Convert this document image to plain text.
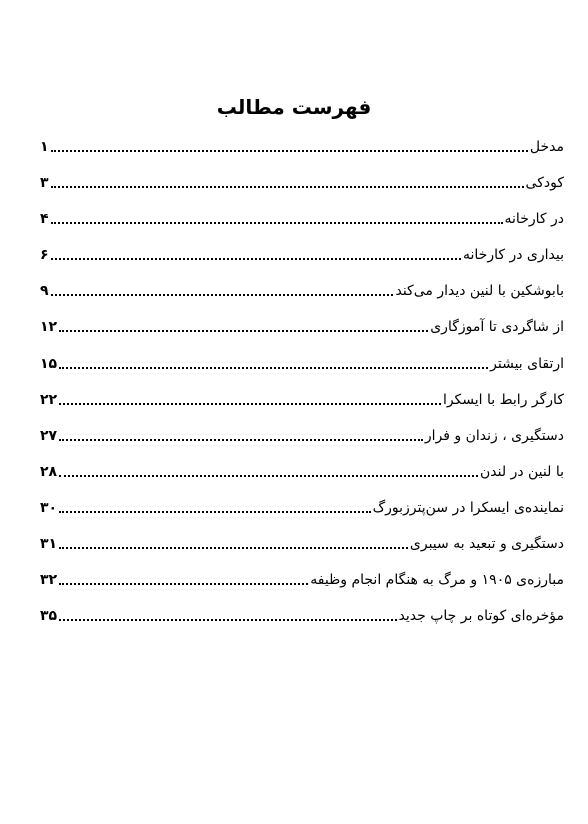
فهرست مطالب
مدخل
۱
کودکی
۳
در کارخانه
۴
بیداری در کارخانه
۶
بابوشکین با لنین دیدار می‌کند
۹
از شاگردی تا آموزگاری
۱۲
ارتقای بیشتر
۱۵
کارگر رابط با ایسکرا
۲۲
دستگیری ، زندان و فرار
۲۷
با لنین در لندن
۲۸
نماینده‌ی ایسکرا در سن‌پترزبورگ
۳۰
دستگیری و تبعید به سیبری
۳۱
مبارزه‌ی ۱۹۰۵ و مرگ به هنگام انجام وظیفه
۳۲
مؤخره‌ای کوتاه بر چاپ جدید
۳۵
